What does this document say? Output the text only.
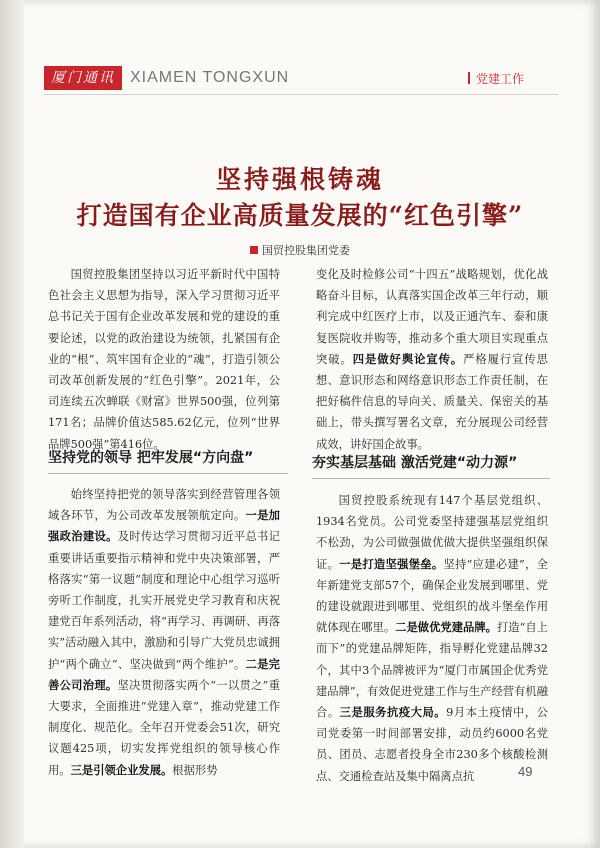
厦门通讯 XIAMEN TONGXUN	党建工作
坚持强根铸魂
打造国有企业高质量发展的“红色引擎”
国贸控股集团党委

国贸控股集团坚持以习近平新时代中国特色社会主义思想为指导，深入学习贯彻习近平总书记关于国有企业改革发展和党的建设的重要论述，以党的政治建设为统领，扎紧国有企业的“根”、筑牢国有企业的“魂”，打造引领公司改革创新发展的“红色引擎”。2021年，公司连续五次蝉联《财富》世界500强，位列第171名；品牌价值达585.62亿元，位列“世界品牌500强”第416位。

坚持党的领导 把牢发展“方向盘”

始终坚持把党的领导落实到经营管理各领域各环节，为公司改革发展领航定向。一是加强政治建设。及时传达学习贯彻习近平总书记重要讲话重要指示精神和党中央决策部署，严格落实“第一议题”制度和理论中心组学习巡听旁听工作制度，扎实开展党史学习教育和庆祝建党百年系列活动，将“再学习、再调研、再落实”活动融入其中，激励和引导广大党员忠诚拥护“两个确立”、坚决做到“两个维护”。二是完善公司治理。坚决贯彻落实两个“一以贯之”重大要求，全面推进“党建入章”，推动党建工作制度化、规范化。全年召开党委会51次，研究议题425项，切实发挥党组织的领导核心作用。三是引领企业发展。根据形势

变化及时检修公司“十四五”战略规划，优化战略奋斗目标，认真落实国企改革三年行动，顺利完成中红医疗上市，以及正通汽车、泰和康复医院收并购等，推动多个重大项目实现重点突破。四是做好舆论宣传。严格履行宣传思想、意识形态和网络意识形态工作责任制，在把好稿件信息的导向关、质量关、保密关的基础上，带头撰写署名文章，充分展现公司经营成效，讲好国企故事。

夯实基层基础 激活党建“动力源”

国贸控股系统现有147个基层党组织、1934名党员。公司党委坚持建强基层党组织不松劲，为公司做强做优做大提供坚强组织保证。一是打造坚强堡垒。坚持“应建必建”，全年新建党支部57个，确保企业发展到哪里、党的建设就跟进到哪里、党组织的战斗堡垒作用就体现在哪里。二是做优党建品牌。打造“自上而下”的党建品牌矩阵，指导孵化党建品牌32个，其中3个品牌被评为“厦门市属国企优秀党建品牌”，有效促进党建工作与生产经营有机融合。三是服务抗疫大局。9月本土疫情中，公司党委第一时间部署安排，动员约6000名党员、团员、志愿者投身全市230多个核酸检测点、交通检查站及集中隔离点抗	49
